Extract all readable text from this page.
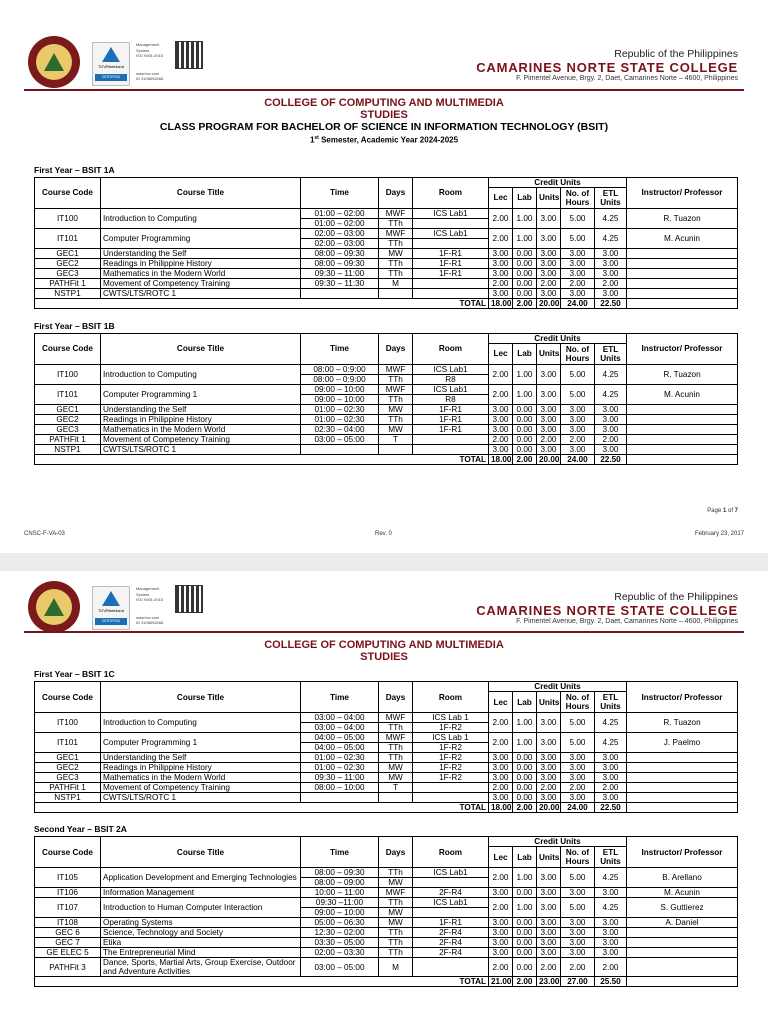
TÜVRheinland
CERTIFIED
Management
System
ISO 9001:2015
www.tuv.com
ID 9108652066
Republic of the Philippines
CAMARINES NORTE STATE COLLEGE
F. Pimentel Avenue, Brgy. 2, Daet, Camarines Norte – 4600, Philippines
COLLEGE OF COMPUTING AND MULTIMEDIA
STUDIES
CLASS PROGRAM FOR BACHELOR OF SCIENCE IN INFORMATION TECHNOLOGY (BSIT)
1st Semester, Academic Year 2024-2025
First Year – BSIT 1A
Course Code	Course Title	Time	Days	Room	Credit Units					Instructor/ Professor
					Lec	Lab	Units	No. of Hours	ETL Units	
IT100	Introduction to Computing	01:00 – 02:00	MWF	ICS Lab1	2.00	1.00	3.00	5.00	4.25	R. Tuazon
		01:00 – 02:00	TTh							
IT101	Computer Programming	02:00 – 03:00	MWF	ICS Lab1	2.00	1.00	3.00	5.00	4.25	M. Acunin
		02:00 – 03:00	TTh							
GEC1	Understanding the Self	08:00 – 09:30	MW	1F-R1	3.00	0.00	3.00	3.00	3.00	
GEC2	Readings in Philippine History	08:00 – 09:30	TTh	1F-R1	3.00	0.00	3.00	3.00	3.00	
GEC3	Mathematics in the Modern World	09:30 – 11:00	TTh	1F-R1	3.00	0.00	3.00	3.00	3.00	
PATHFit 1	Movement of Competency Training	09:30 – 11:30	M		2.00	0.00	2.00	2.00	2.00	
NSTP1	CWTS/LTS/ROTC 1				3.00	0.00	3.00	3.00	3.00	
TOTAL					18.00	2.00	20.00	24.00	22.50	
First Year – BSIT 1B
Course Code	Course Title	Time	Days	Room	Credit Units					Instructor/ Professor
					Lec	Lab	Units	No. of Hours	ETL Units	
IT100	Introduction to Computing	08:00 – 0:9:00	MWF	ICS Lab1	2.00	1.00	3.00	5.00	4.25	R. Tuazon
		08:00 – 0:9:00	TTh	R8						
IT101	Computer Programming 1	09:00 – 10:00	MWF	ICS Lab1	2.00	1.00	3.00	5.00	4.25	M. Acunin
		09:00 – 10:00	TTh	R8						
GEC1	Understanding the Self	01:00 – 02:30	MW	1F-R1	3.00	0.00	3.00	3.00	3.00	
GEC2	Readings in Philippine History	01:00 – 02:30	TTh	1F-R1	3.00	0.00	3.00	3.00	3.00	
GEC3	Mathematics in the Modern World	02:30 – 04:00	MW	1F-R1	3.00	0.00	3.00	3.00	3.00	
PATHFit 1	Movement of Competency Training	03:00 – 05:00	T		2.00	0.00	2.00	2.00	2.00	
NSTP1	CWTS/LTS/ROTC 1				3.00	0.00	3.00	3.00	3.00	
TOTAL					18.00	2.00	20.00	24.00	22.50	
Page 1 of 7
CNSC-F-VA-03	Rev. 0	February 23, 2017
TÜVRheinland
CERTIFIED
Management
System
ISO 9001:2015
www.tuv.com
ID 9108652066
Republic of the Philippines
CAMARINES NORTE STATE COLLEGE
F. Pimentel Avenue, Brgy. 2, Daet, Camarines Norte – 4600, Philippines
COLLEGE OF COMPUTING AND MULTIMEDIA
STUDIES
First Year – BSIT 1C
Course Code	Course Title	Time	Days	Room	Credit Units					Instructor/ Professor
					Lec	Lab	Units	No. of Hours	ETL Units	
IT100	Introduction to Computing	03:00 – 04:00	MWF	ICS Lab 1	2.00	1.00	3.00	5.00	4.25	R. Tuazon
		03:00 – 04:00	TTh	1F-R2						
IT101	Computer Programming 1	04:00 – 05:00	MWF	ICS Lab 1	2.00	1.00	3.00	5.00	4.25	J. Paelmo
		04:00 – 05:00	TTh	1F-R2						
GEC1	Understanding the Self	01:00 – 02:30	TTh	1F-R2	3.00	0.00	3.00	3.00	3.00	
GEC2	Readings in Philippine History	01:00 – 02:30	MW	1F-R2	3.00	0.00	3.00	3.00	3.00	
GEC3	Mathematics in the Modern World	09:30 – 11:00	MW	1F-R2	3.00	0.00	3.00	3.00	3.00	
PATHFit 1	Movement of Competency Training	08:00 – 10:00	T		2.00	0.00	2.00	2.00	2.00	
NSTP1	CWTS/LTS/ROTC 1				3.00	0.00	3.00	3.00	3.00	
TOTAL					18.00	2.00	20.00	24.00	22.50	
Second Year – BSIT 2A
Course Code	Course Title	Time	Days	Room	Credit Units					Instructor/ Professor
					Lec	Lab	Units	No. of Hours	ETL Units	
IT105	Application Development and Emerging Technologies	08:00 – 09:30	TTh	ICS Lab1	2.00	1.00	3.00	5.00	4.25	B. Arellano
		08:00 – 09:00	MW							
IT106	Information Management	10:00 – 11:00	MWF	2F-R4	3.00	0.00	3.00	3.00	3.00	M. Acunin
IT107	Introduction to Human Computer Interaction	09:30 –11:00	TTh	ICS Lab1	2.00	1.00	3.00	5.00	4.25	S. Guttierez
		09:00 – 10:00	MW							
IT108	Operating Systems	05:00 – 06:30	MW	1F-R1	3.00	0.00	3.00	3.00	3.00	A. Daniel
GEC 6	Science, Technology and Society	12:30 – 02:00	TTh	2F-R4	3.00	0.00	3.00	3.00	3.00	
GEC 7	Etika	03:30 – 05:00	TTh	2F-R4	3.00	0.00	3.00	3.00	3.00	
GE ELEC 5	The Entrepreneurial Mind	02:00 – 03:30	TTh	2F-R4	3.00	0.00	3.00	3.00	3.00	
PATHFit 3	Dance, Sports, Martial Arts, Group Exercise, Outdoor and Adventure Activities	03:00 – 05:00	M		2.00	0.00	2.00	2.00	2.00	
TOTAL					21.00	2.00	23.00	27.00	25.50	
